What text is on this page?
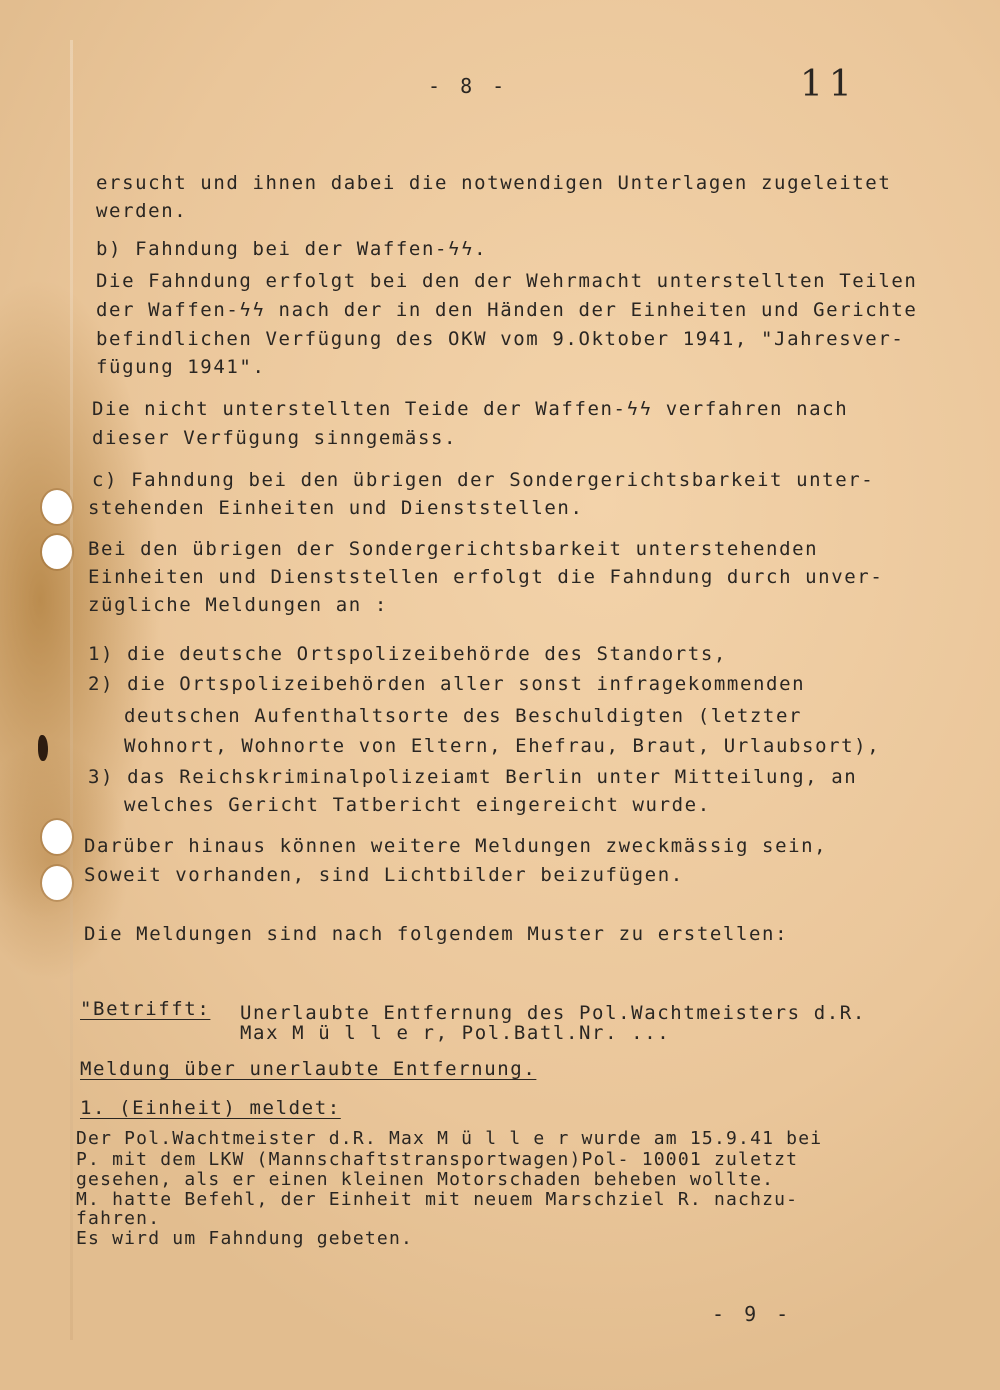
- 8 -	11
ersucht und ihnen dabei die notwendigen Unterlagen zugeleitet
werden.
b) Fahndung bei der Waffen-ϟϟ.
Die Fahndung erfolgt bei den der Wehrmacht unterstellten Teilen
der Waffen-ϟϟ nach der in den Händen der Einheiten und Gerichte
befindlichen Verfügung des OKW vom 9.Oktober 1941, "Jahresver-
fügung 1941".
Die nicht unterstellten Teide der Waffen-ϟϟ verfahren nach
dieser Verfügung sinngemäss.
c) Fahndung bei den übrigen der Sondergerichtsbarkeit unter-
stehenden Einheiten und Dienststellen.
Bei den übrigen der Sondergerichtsbarkeit unterstehenden
Einheiten und Dienststellen erfolgt die Fahndung durch unver-
zügliche Meldungen an :
1) die deutsche Ortspolizeibehörde des Standorts,
2) die Ortspolizeibehörden aller sonst infragekommenden
deutschen Aufenthaltsorte des Beschuldigten (letzter
Wohnort, Wohnorte von Eltern, Ehefrau, Braut, Urlaubsort),
3) das Reichskriminalpolizeiamt Berlin unter Mitteilung, an
welches Gericht Tatbericht eingereicht wurde.
Darüber hinaus können weitere Meldungen zweckmässig sein,
Soweit vorhanden, sind Lichtbilder beizufügen.
Die Meldungen sind nach folgendem Muster zu erstellen:
"Betrifft: Unerlaubte Entfernung des Pol.Wachtmeisters d.R.
Max M ü l l e r, Pol.Batl.Nr. ...
Meldung über unerlaubte Entfernung.
1. (Einheit) meldet:
Der Pol.Wachtmeister d.R. Max M ü l l e r wurde am 15.9.41 bei
P. mit dem LKW (Mannschaftstransportwagen)Pol- 10001 zuletzt
gesehen, als er einen kleinen Motorschaden beheben wollte.
M. hatte Befehl, der Einheit mit neuem Marschziel R. nachzu-
fahren.
Es wird um Fahndung gebeten.
- 9 -
